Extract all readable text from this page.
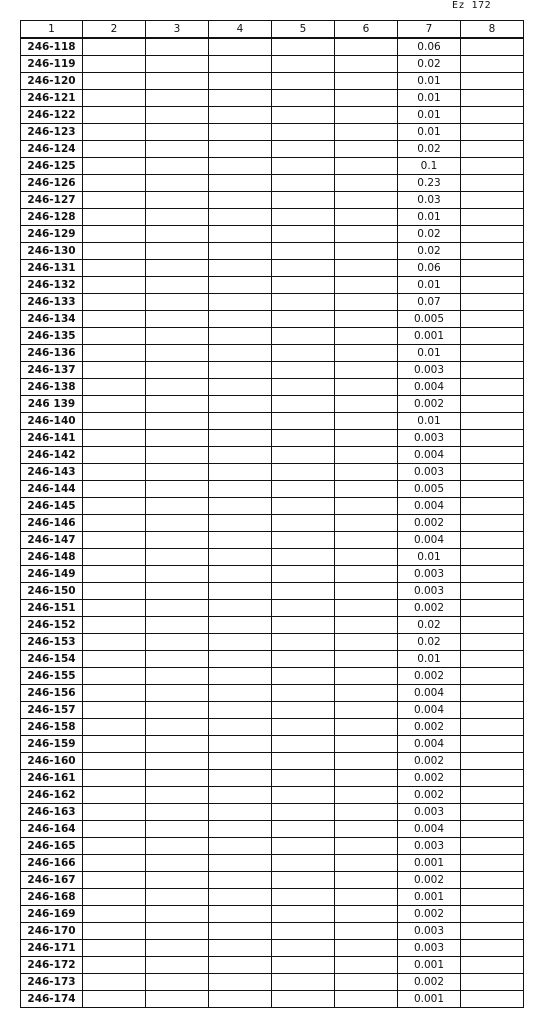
Ez 172
1	2	3	4	5	6	7	8
246-118						0.06	
246-119						0.02	
246-120						0.01	
246-121						0.01	
246-122						0.01	
246-123						0.01	
246-124						0.02	
246-125						0.1	
246-126						0.23	
246-127						0.03	
246-128						0.01	
246-129						0.02	
246-130						0.02	
246-131						0.06	
246-132						0.01	
246-133						0.07	
246-134						0.005	
246-135						0.001	
246-136						0.01	
246-137						0.003	
246-138						0.004	
246 139						0.002	
246-140						0.01	
246-141						0.003	
246-142						0.004	
246-143						0.003	
246-144						0.005	
246-145						0.004	
246-146						0.002	
246-147						0.004	
246-148						0.01	
246-149						0.003	
246-150						0.003	
246-151						0.002	
246-152						0.02	
246-153						0.02	
246-154						0.01	
246-155						0.002	
246-156						0.004	
246-157						0.004	
246-158						0.002	
246-159						0.004	
246-160						0.002	
246-161						0.002	
246-162						0.002	
246-163						0.003	
246-164						0.004	
246-165						0.003	
246-166						0.001	
246-167						0.002	
246-168						0.001	
246-169						0.002	
246-170						0.003	
246-171						0.003	
246-172						0.001	
246-173						0.002	
246-174						0.001	
